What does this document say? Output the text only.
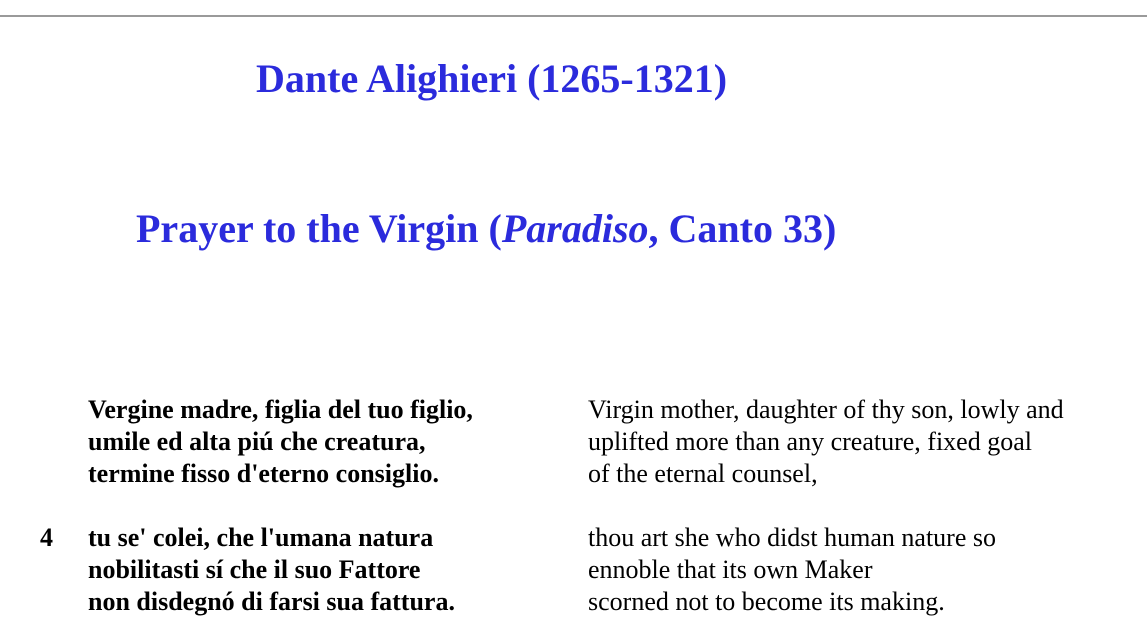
Dante Alighieri (1265-1321)
Prayer to the Virgin (Paradiso, Canto 33)
Vergine madre, figlia del tuo figlio,
umile ed alta piú che creatura,
termine fisso d'eterno consiglio.
Virgin mother, daughter of thy son, lowly and
uplifted more than any creature, fixed goal
of the eternal counsel,
4 tu se' colei, che l'umana natura
nobilitasti sí che il suo Fattore
non disdegnó di farsi sua fattura.
thou art she who didst human nature so
ennoble that its own Maker
scorned not to become its making.
